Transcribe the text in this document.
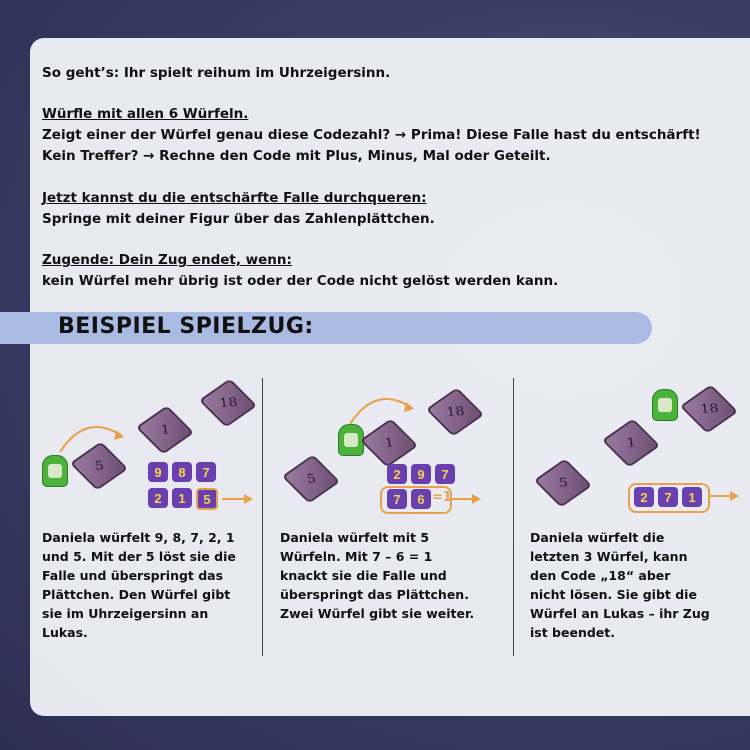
So geht’s: Ihr spielt reihum im Uhrzeigersinn.
Würfle mit allen 6 Würfeln.
Zeigt einer der Würfel genau diese Codezahl? → Prima! Diese Falle hast du entschärft!
Kein Treffer? → Rechne den Code mit Plus, Minus, Mal oder Geteilt.
Jetzt kannst du die entschärfte Falle durchqueren:
Springe mit deiner Figur über das Zahlenplättchen.
Zugende: Dein Zug endet, wenn:
kein Würfel mehr übrig ist oder der Code nicht gelöst werden kann.
BEISPIEL SPIELZUG:
5
1
18
9	8	7
2	1	5
Daniela würfelt 9, 8, 7, 2, 1 und 5. Mit der 5 löst sie die Falle und überspringt das Plättchen. Den Würfel gibt sie im Uhrzeigersinn an Lukas.
5
1
18
2	9	7
7	6 =1
Daniela würfelt mit 5 Würfeln. Mit 7 – 6 = 1 knackt sie die Falle und überspringt das Plättchen. Zwei Würfel gibt sie weiter.
5
1
18
2	7	1
Daniela würfelt die letzten 3 Würfel, kann den Code „18“ aber nicht lösen. Sie gibt die Würfel an Lukas – ihr Zug ist beendet.
